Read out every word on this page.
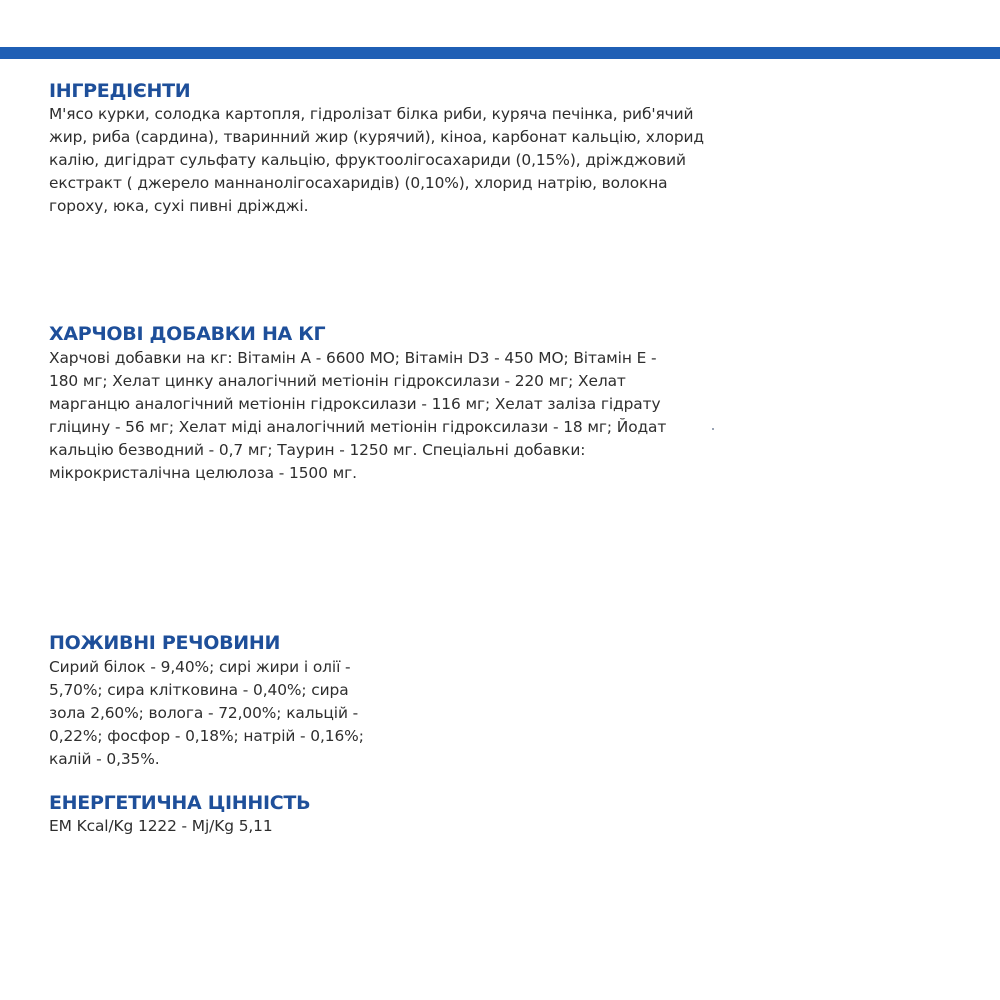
ІНГРЕДІЄНТИ
М'ясо курки, солодка картопля, гідролізат білка риби, куряча печінка, риб'ячий
жир, риба (сардина), тваринний жир (курячий), кіноа, карбонат кальцію, хлорид
калію, дигідрат сульфату кальцію, фруктоолігосахариди (0,15%), дріжджовий
екстракт ( джерело маннанолігосахаридів) (0,10%), хлорид натрію, волокна
гороху, юка, сухі пивні дріжджі.
ХАРЧОВІ ДОБАВКИ НА КГ
Харчові добавки на кг: Вітамін А - 6600 МО; Вітамін D3 - 450 МО; Вітамін Е -
180 мг; Хелат цинку аналогічний метіонін гідроксилази - 220 мг; Хелат
марганцю аналогічний метіонін гідроксилази - 116 мг; Хелат заліза гідрату
гліцину - 56 мг; Хелат міді аналогічний метіонін гідроксилази - 18 мг; Йодат
кальцію безводний - 0,7 мг; Таурин - 1250 мг. Спеціальні добавки:
мікрокристалічна целюлоза - 1500 мг.
ПОЖИВНІ РЕЧОВИНИ
Сирий білок - 9,40%; сирі жири і олії -
5,70%; сира клітковина - 0,40%; сира
зола 2,60%; волога - 72,00%; кальцій -
0,22%; фосфор - 0,18%; натрій - 0,16%;
калій - 0,35%.
ЕНЕРГЕТИЧНА ЦІННІСТЬ
ЕМ Kcal/Kg 1222 - Mj/Kg 5,11
